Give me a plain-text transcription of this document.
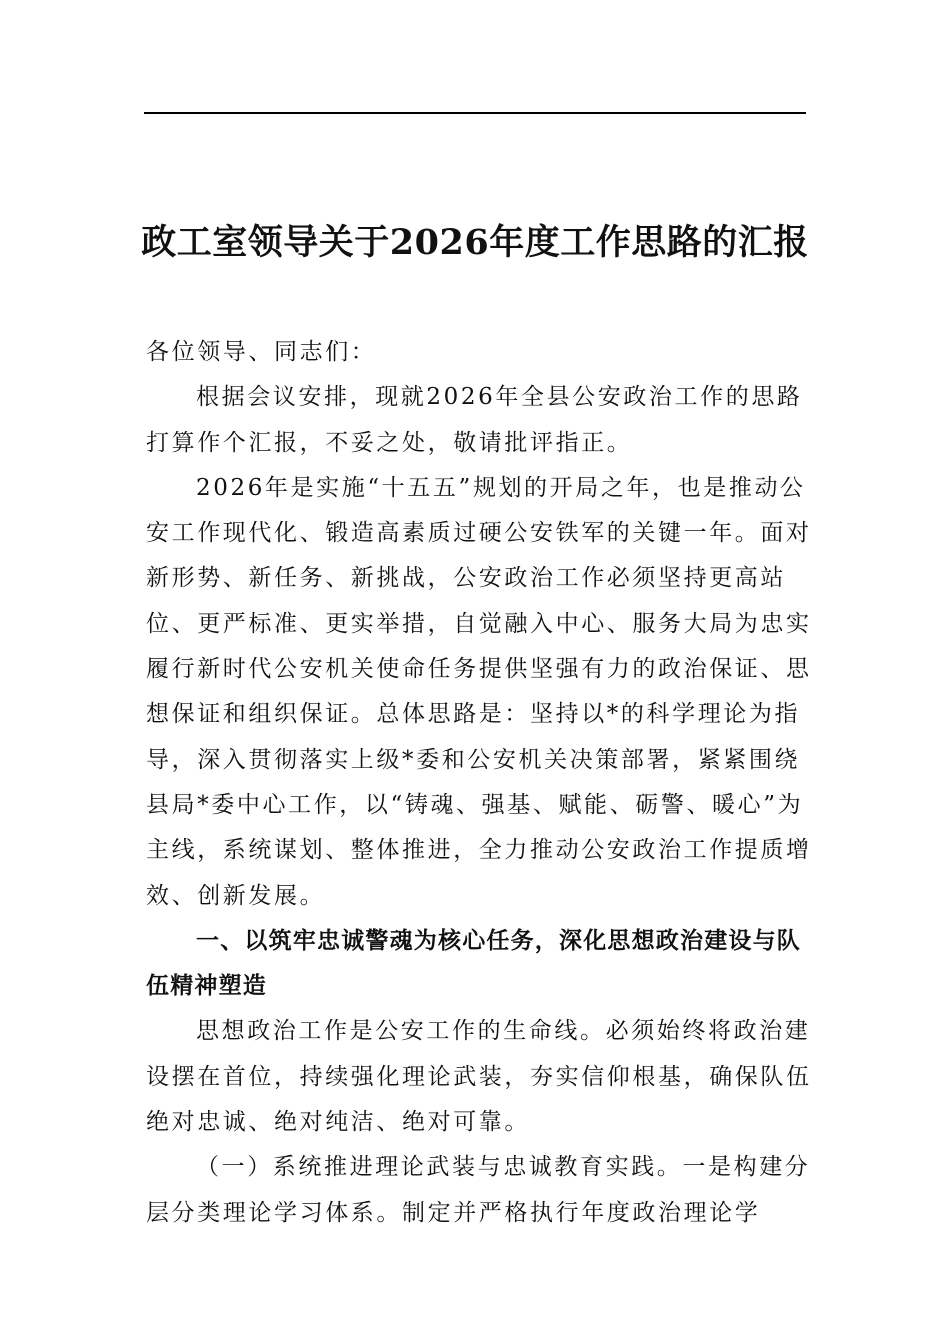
政工室领导关于2026年度工作思路的汇报

各位领导、同志们：

根据会议安排，现就2026年全县公安政治工作的思路打算作个汇报，不妥之处，敬请批评指正。

2026年是实施“十五五”规划的开局之年，也是推动公安工作现代化、锻造高素质过硬公安铁军的关键一年。面对新形势、新任务、新挑战，公安政治工作必须坚持更高站位、更严标准、更实举措，自觉融入中心、服务大局为忠实履行新时代公安机关使命任务提供坚强有力的政治保证、思想保证和组织保证。总体思路是：坚持以*的科学理论为指导，深入贯彻落实上级*委和公安机关决策部署，紧紧围绕县局*委中心工作，以“铸魂、强基、赋能、砺警、暖心”为主线，系统谋划、整体推进，全力推动公安政治工作提质增效、创新发展。

一、以筑牢忠诚警魂为核心任务，深化思想政治建设与队伍精神塑造

思想政治工作是公安工作的生命线。必须始终将政治建设摆在首位，持续强化理论武装，夯实信仰根基，确保队伍绝对忠诚、绝对纯洁、绝对可靠。

（一）系统推进理论武装与忠诚教育实践。一是构建分层分类理论学习体系。制定并严格执行年度政治理论学
